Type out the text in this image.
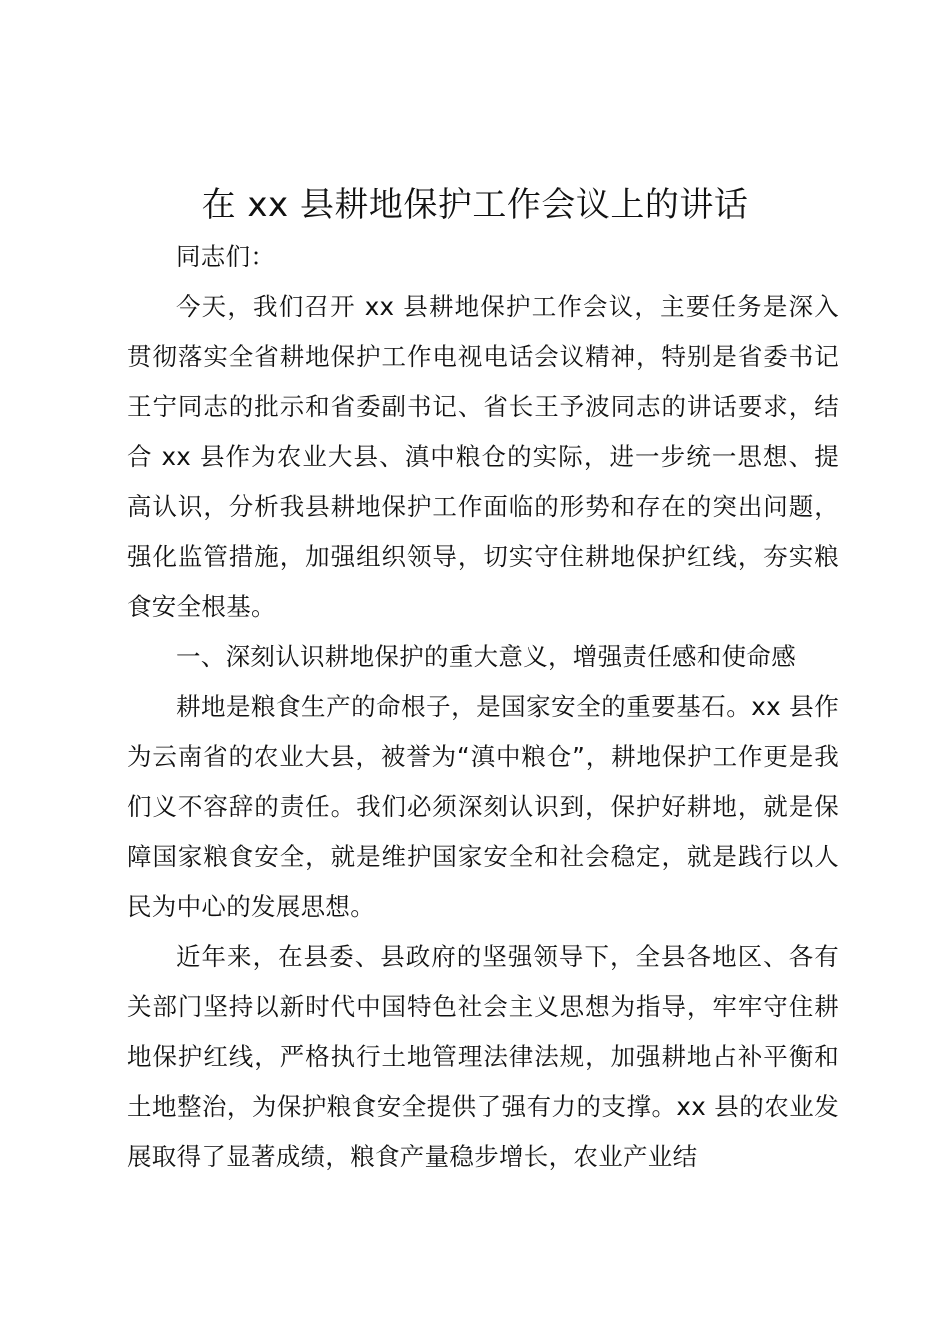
在 xx 县耕地保护工作会议上的讲话

同志们：

今天，我们召开 xx 县耕地保护工作会议，主要任务是深入贯彻落实全省耕地保护工作电视电话会议精神，特别是省委书记王宁同志的批示和省委副书记、省长王予波同志的讲话要求，结合 xx 县作为农业大县、滇中粮仓的实际，进一步统一思想、提高认识，分析我县耕地保护工作面临的形势和存在的突出问题，强化监管措施，加强组织领导，切实守住耕地保护红线，夯实粮食安全根基。

一、深刻认识耕地保护的重大意义，增强责任感和使命感

耕地是粮食生产的命根子，是国家安全的重要基石。xx 县作为云南省的农业大县，被誉为“滇中粮仓”，耕地保护工作更是我们义不容辞的责任。我们必须深刻认识到，保护好耕地，就是保障国家粮食安全，就是维护国家安全和社会稳定，就是践行以人民为中心的发展思想。

近年来，在县委、县政府的坚强领导下，全县各地区、各有关部门坚持以新时代中国特色社会主义思想为指导，牢牢守住耕地保护红线，严格执行土地管理法律法规，加强耕地占补平衡和土地整治，为保护粮食安全提供了强有力的支撑。xx 县的农业发展取得了显著成绩，粮食产量稳步增长，农业产业结
